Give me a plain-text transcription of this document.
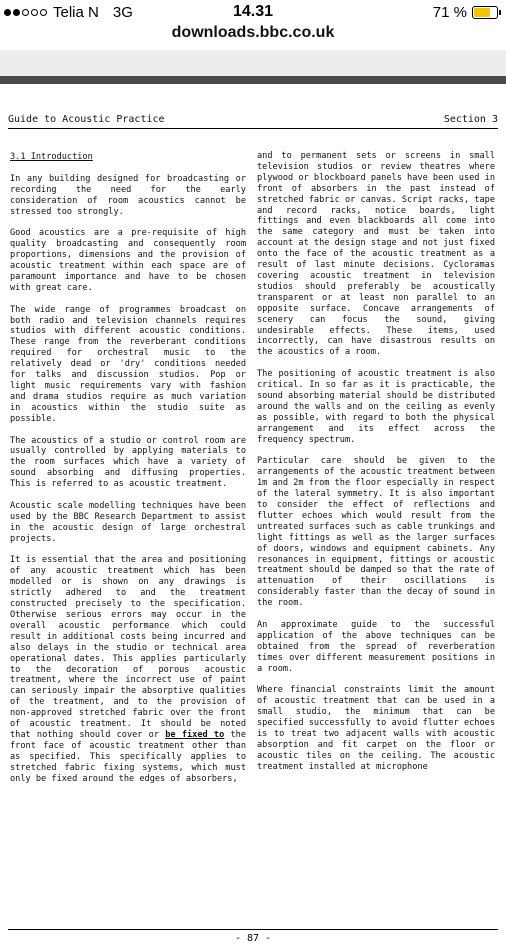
Telia N 3G	14.31	71 %
downloads.bbc.co.uk
Guide to Acoustic Practice	Section 3

3.1 Introduction

In any building designed for broadcasting or recording the need for the early consideration of room acoustics cannot be stressed too strongly.

Good acoustics are a pre-requisite of high quality broadcasting and consequently room proportions, dimensions and the provision of acoustic treatment within each space are of paramount importance and have to be chosen with great care.

The wide range of programmes broadcast on both radio and television channels requires studios with different acoustic conditions. These range from the reverberant conditions required for orchestral music to the relatively dead or 'dry' conditions needed for talks and discussion studios. Pop or light music requirements vary with fashion and drama studios require as much variation in acoustics within the studio suite as possible.

The acoustics of a studio or control room are usually controlled by applying materials to the room surfaces which have a variety of sound absorbing and diffusing properties. This is referred to as acoustic treatment.

Acoustic scale modelling techniques have been used by the BBC Research Department to assist in the acoustic design of large orchestral projects.

It is essential that the area and positioning of any acoustic treatment which has been modelled or is shown on any drawings is strictly adhered to and the treatment constructed precisely to the specification. Otherwise serious errors may occur in the overall acoustic performance which could result in additional costs being incurred and also delays in the studio or technical area operational dates. This applies particularly to the decoration of porous acoustic treatment, where the incorrect use of paint can seriously impair the absorptive qualities of the treatment, and to the provision of non-approved stretched fabric over the front of acoustic treatment. It should be noted that nothing should cover or be fixed to the front face of acoustic treatment other than as specified. This specifically applies to stretched fabric fixing systems, which must only be fixed around the edges of absorbers,

and to permanent sets or screens in small television studios or review theatres where plywood or blockboard panels have been used in front of absorbers in the past instead of stretched fabric or canvas. Script racks, tape and record racks, notice boards, light fittings and even blackboards all come into the same category and must be taken into account at the design stage and not just fixed onto the face of the acoustic treatment as a result of last minute decisions. Cycloramas covering acoustic treatment in television studios should preferably be acoustically transparent or at least non parallel to an opposite surface. Concave arrangements of scenery can focus the sound, giving undesirable effects. These items, used incorrectly, can have disastrous results on the acoustics of a room.

The positioning of acoustic treatment is also critical. In so far as it is practicable, the sound absorbing material should be distributed around the walls and on the ceiling as evenly as possible, with regard to both the physical arrangement and its effect across the frequency spectrum.

Particular care should be given to the arrangements of the acoustic treatment between 1m and 2m from the floor especially in respect of the lateral symmetry. It is also important to consider the effect of reflections and flutter echoes which would result from the untreated surfaces such as cable trunkings and light fittings as well as the larger surfaces of doors, windows and equipment cabinets. Any resonances in equipment, fittings or acoustic treatment should be damped so that the rate of attenuation of their oscillations is considerably faster than the decay of sound in the room.

An approximate guide to the successful application of the above techniques can be obtained from the spread of reverberation times over different measurement positions in a room.

Where financial constraints limit the amount of acoustic treatment that can be used in a small studio, the minimum that can be specified successfully to avoid flutter echoes is to treat two adjacent walls with acoustic absorption and fit carpet on the floor or acoustic tiles on the ceiling. The acoustic treatment installed at microphone

- 87 -
